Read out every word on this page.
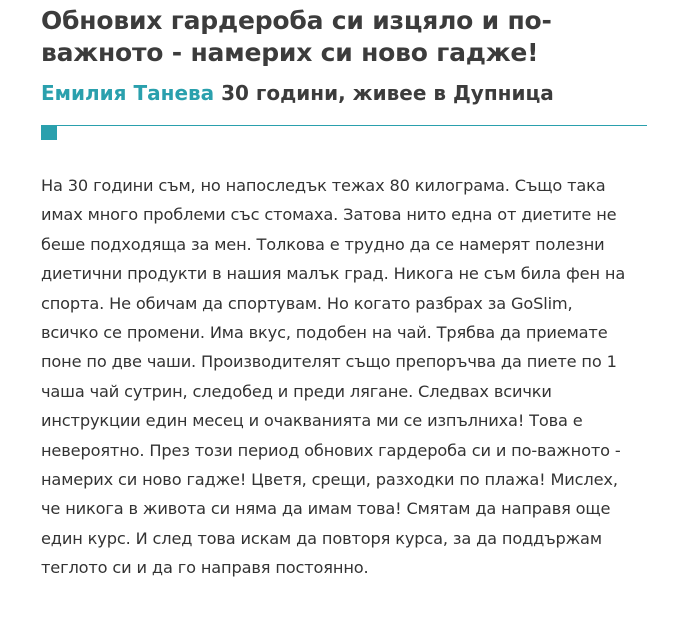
Обнових гардероба си изцяло и по-важното - намерих си ново гадже!

Емилия Танева 30 години, живее в Дупница

На 30 години съм, но напоследък тежах 80 килограма. Също така имах много проблеми със стомаха. Затова нито една от диетите не беше подходяща за мен. Толкова е трудно да се намерят полезни диетични продукти в нашия малък град. Никога не съм била фен на спорта. Не обичам да спортувам. Но когато разбрах за GoSlim, всичко се промени. Има вкус, подобен на чай. Трябва да приемате поне по две чаши. Производителят също препоръчва да пиете по 1 чаша чай сутрин, следобед и преди лягане. Следвах всички инструкции един месец и очакванията ми се изпълниха! Това е невероятно. През този период обнових гардероба си и по-важното - намерих си ново гадже! Цветя, срещи, разходки по плажа! Мислех, че никога в живота си няма да имам това! Смятам да направя още един курс. И след това искам да повторя курса, за да поддържам теглото си и да го направя постоянно.
